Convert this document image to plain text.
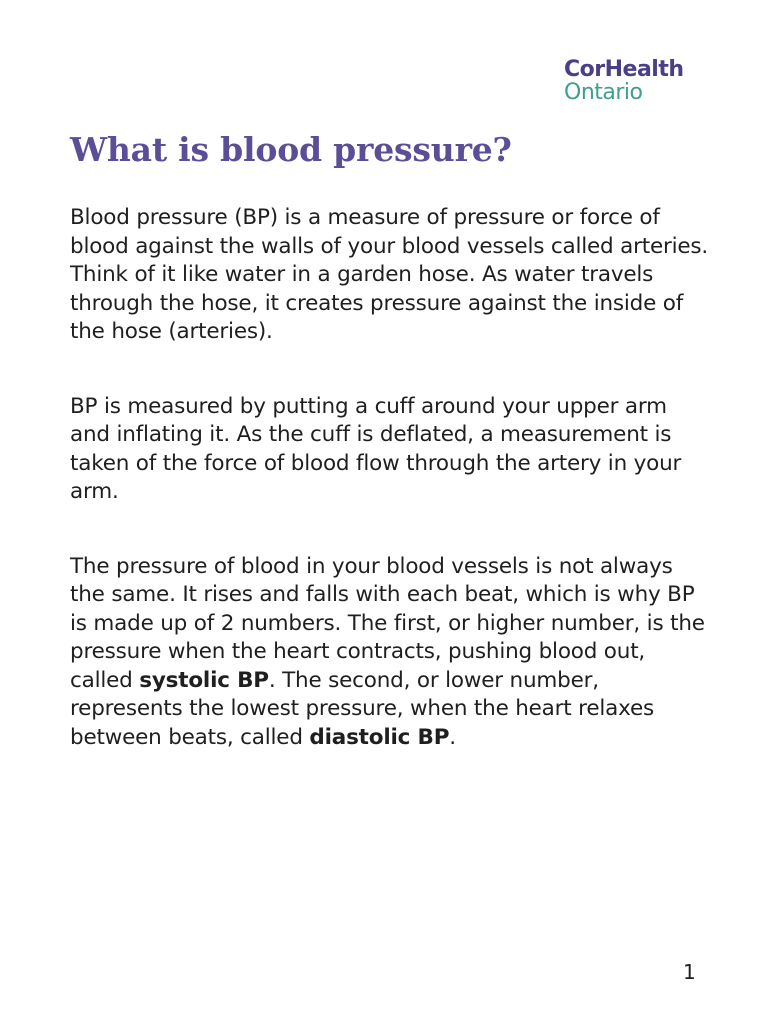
CorHealth
Ontario
What is blood pressure?

Blood pressure (BP) is a measure of pressure or force of blood against the walls of your blood vessels called arteries. Think of it like water in a garden hose. As water travels through the hose, it creates pressure against the inside of the hose (arteries).

BP is measured by putting a cuff around your upper arm and inflating it. As the cuff is deflated, a measurement is taken of the force of blood flow through the artery in your arm.

The pressure of blood in your blood vessels is not always the same. It rises and falls with each beat, which is why BP is made up of 2 numbers. The first, or higher number, is the pressure when the heart contracts, pushing blood out, called systolic BP. The second, or lower number, represents the lowest pressure, when the heart relaxes between beats, called diastolic BP.

1
